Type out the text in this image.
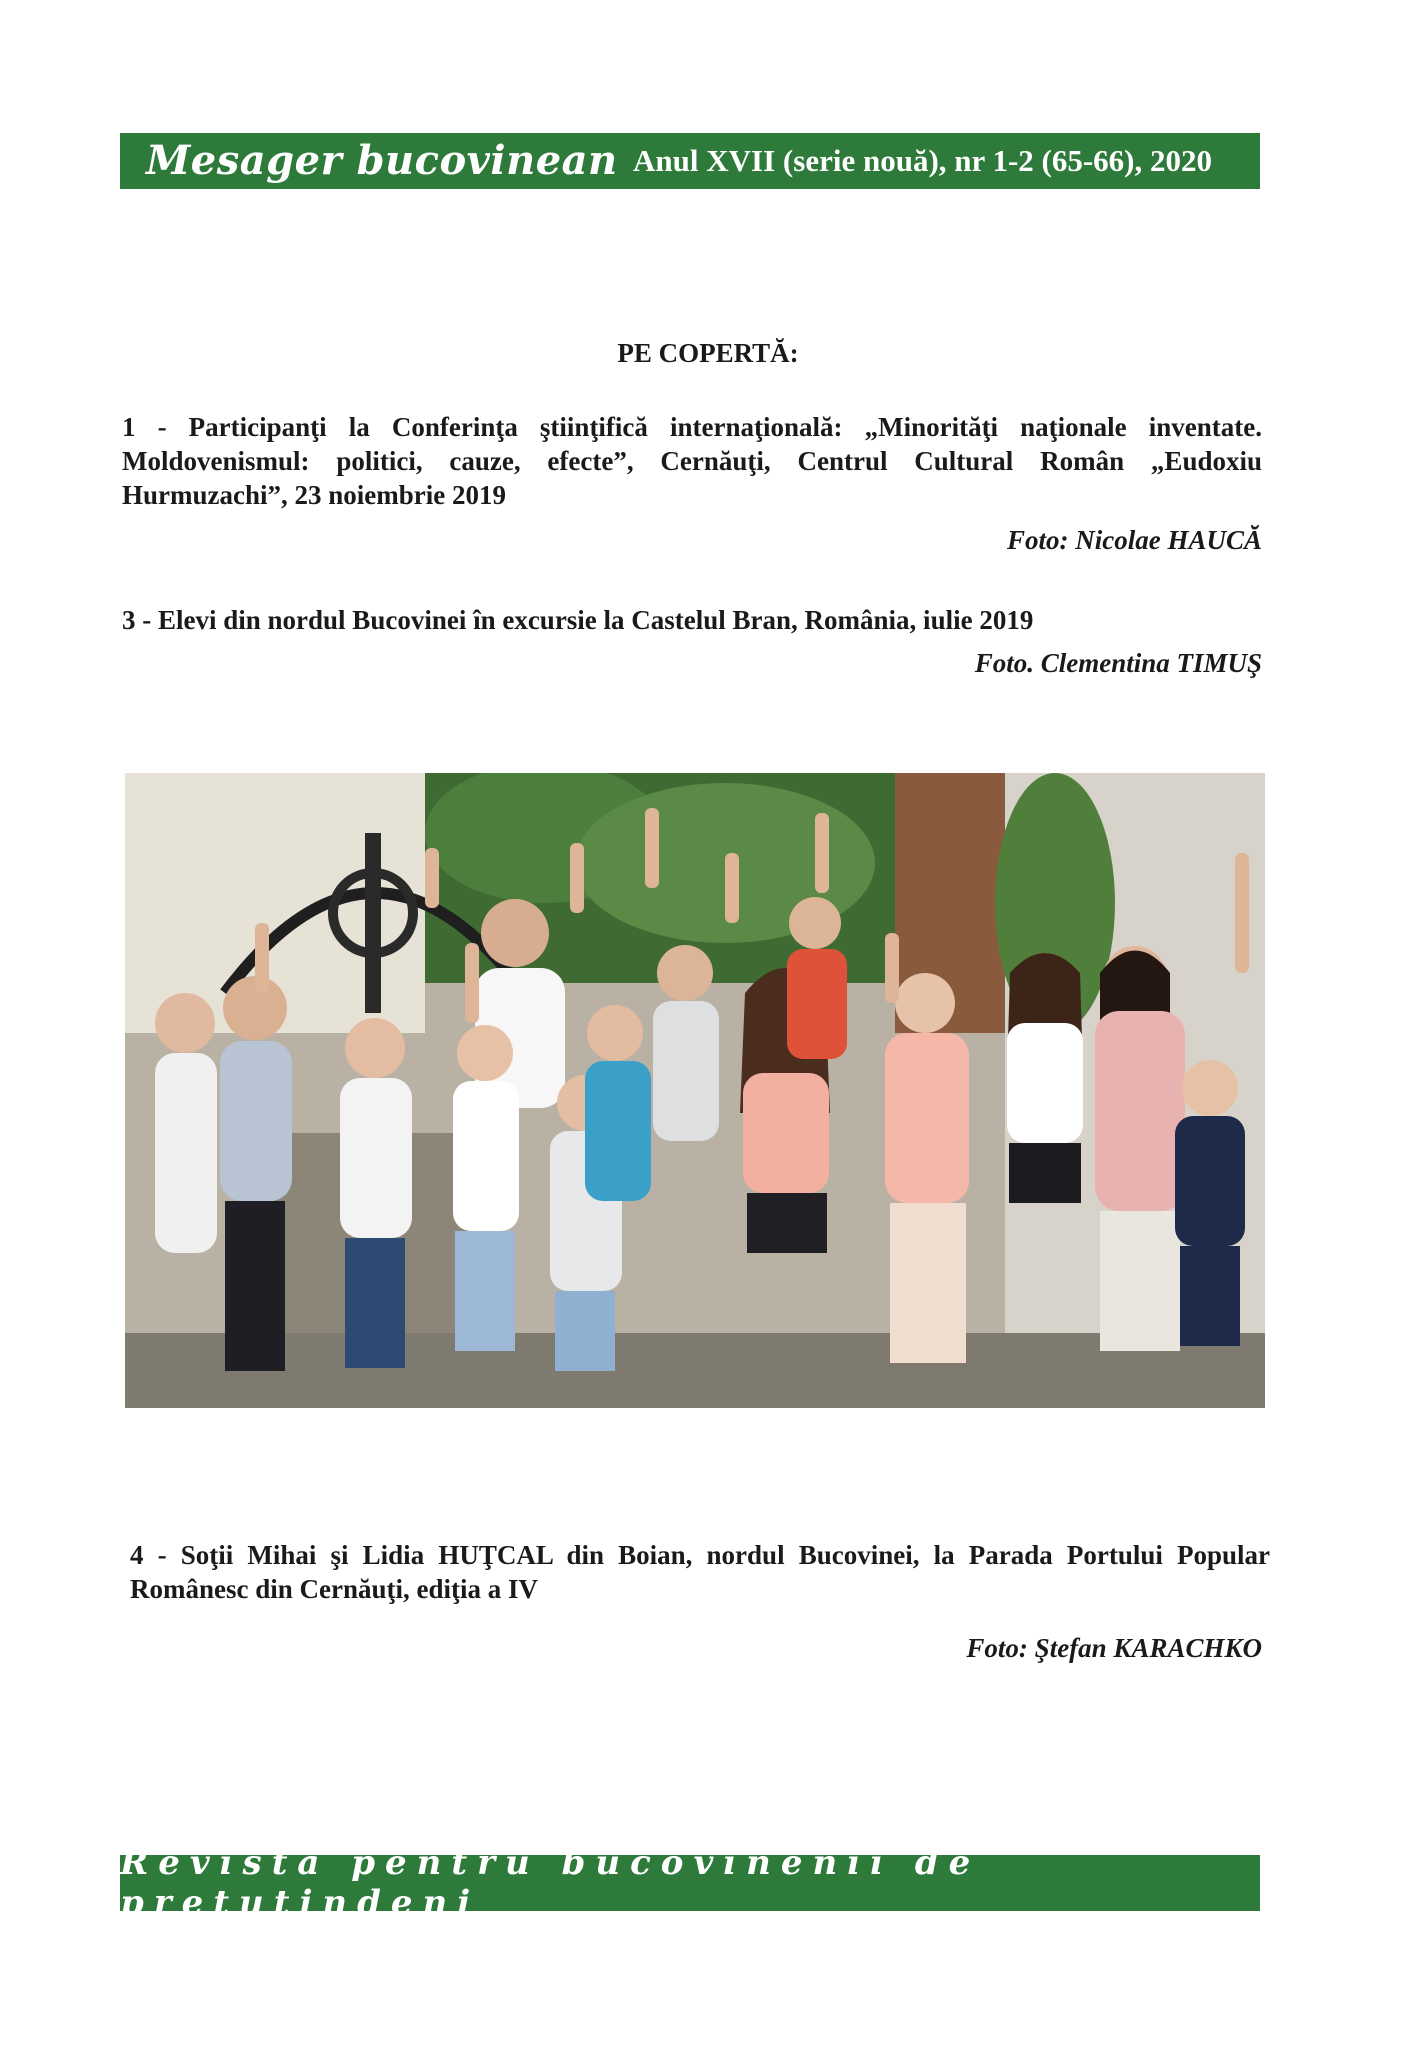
Mesager bucovinean Anul XVII (serie nouă), nr 1-2 (65-66), 2020
PE COPERTĂ:
1 - Participanţi la Conferinţa ştiinţifică internaţională: „Minorităţi naţionale inventate. Moldovenismul: politici, cauze, efecte”, Cernăuţi, Centrul Cultural Român „Eudoxiu Hurmuzachi”, 23 noiembrie 2019
Foto: Nicolae HAUCĂ
3 - Elevi din nordul Bucovinei în excursie la Castelul Bran, România, iulie 2019
Foto. Clementina TIMUŞ
4 - Soţii Mihai şi Lidia HUŢCAL din Boian, nordul Bucovinei, la Parada Portului Popular Românesc din Cernăuţi, ediţia a IV
Foto: Ştefan KARACHKO
Revistă pentru bucovinenii de pretutindeni
